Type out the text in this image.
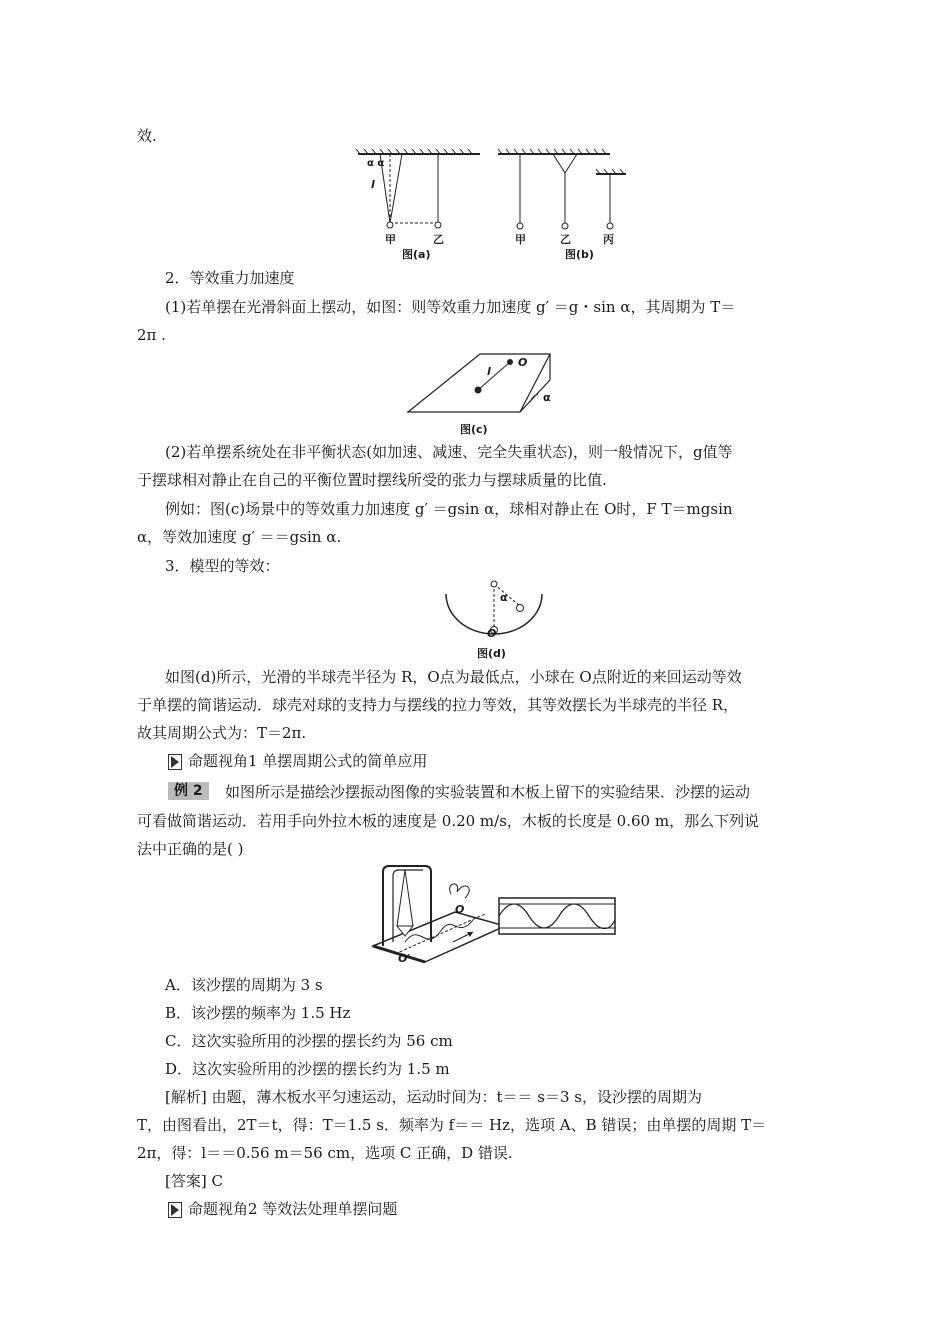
效.
α α
l
甲	乙
图(a)
甲	乙	丙
图(b)
2．等效重力加速度
(1)若单摆在光滑斜面上摆动，如图：则等效重力加速度 g′ ＝g・sin α，其周期为 T＝
2π .
O
l
α
图(c)
(2)若单摆系统处在非平衡状态(如加速、减速、完全失重状态)，则一般情况下，g值等
于摆球相对静止在自己的平衡位置时摆线所受的张力与摆球质量的比值.
例如：图(c)场景中的等效重力加速度 g′ ＝gsin α，球相对静止在 O时，F T＝mgsin
α，等效加速度 g′ ＝＝gsin α.
3．模型的等效：
α
O
图(d)
如图(d)所示，光滑的半球壳半径为 R，O点为最低点，小球在 O点附近的来回运动等效
于单摆的简谐运动．球壳对球的支持力与摆线的拉力等效，其等效摆长为半球壳的半径 R，
故其周期公式为：T＝2π.
命题视角1 单摆周期公式的简单应用
例 2	如图所示是描绘沙摆振动图像的实验装置和木板上留下的实验结果．沙摆的运动
可看做简谐运动．若用手向外拉木板的速度是 0.20 m/s，木板的长度是 0.60 m，那么下列说
法中正确的是( )
O
O′
A．该沙摆的周期为 3 s
B．该沙摆的频率为 1.5 Hz
C．这次实验所用的沙摆的摆长约为 56 cm
D．这次实验所用的沙摆的摆长约为 1.5 m
[解析] 由题，薄木板水平匀速运动，运动时间为：t＝＝ s＝3 s，设沙摆的周期为
T，由图看出，2T＝t，得：T＝1.5 s．频率为 f＝＝ Hz，选项 A、B 错误；由单摆的周期 T＝
2π，得：l＝＝0.56 m＝56 cm，选项 C 正确，D 错误.
[答案] C
命题视角2 等效法处理单摆问题
